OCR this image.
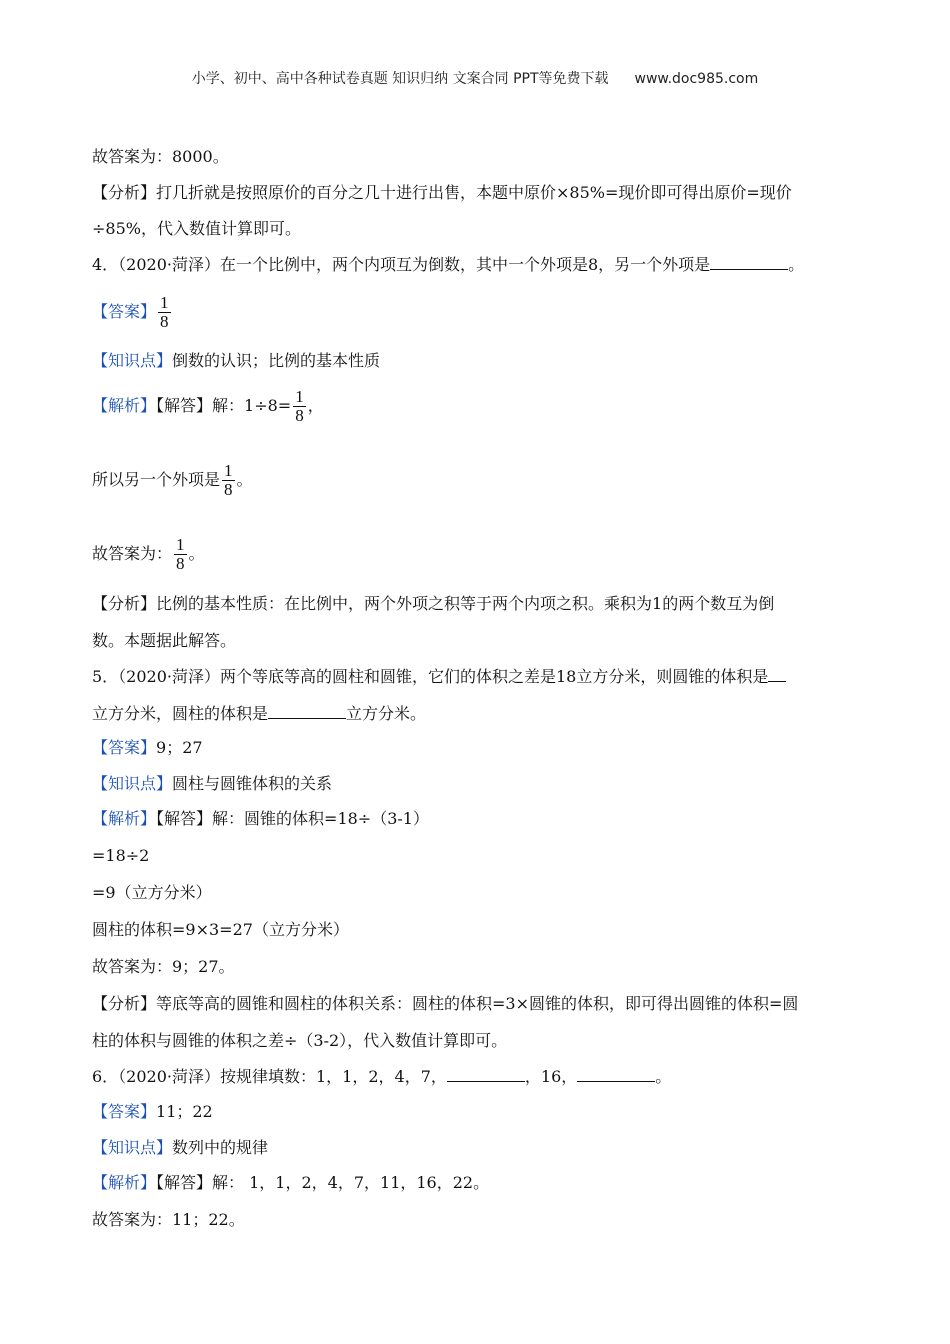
小学、初中、高中各种试卷真题 知识归纳 文案合同 PPT等免费下载 www.doc985.com
故答案为：8000。
【分析】打几折就是按照原价的百分之几十进行出售，本题中原价×85%=现价即可得出原价=现价
÷85%，代入数值计算即可。
4．（2020·菏泽）在一个比例中，两个内项互为倒数，其中一个外项是8，另一个外项是	。
【答案】 $\frac{1}{8}$
【知识点】倒数的认识；比例的基本性质
【解析】【解答】解：$1\div 8= \frac{1}{8}$ ，
所以另一个外项是 $\frac{1}{8}$ 。
故答案为： $\frac{1}{8}$ 。
【分析】比例的基本性质：在比例中，两个外项之积等于两个内项之积。乘积为1的两个数互为倒
数。本题据此解答。
5．（2020·菏泽）两个等底等高的圆柱和圆锥，它们的体积之差是18立方分米，则圆锥的体积是
立方分米，圆柱的体积是	立方分米。
【答案】9；27
【知识点】圆柱与圆锥体积的关系
【解析】【解答】解：圆锥的体积=18÷（3-1）
=18÷2
=9（立方分米）
圆柱的体积=9×3=27（立方分米）
故答案为：9；27。
【分析】等底等高的圆锥和圆柱的体积关系：圆柱的体积=3×圆锥的体积，即可得出圆锥的体积=圆
柱的体积与圆锥的体积之差÷（3-2），代入数值计算即可。
6．（2020·菏泽）按规律填数：1，1，2，4，7，	，16，	。
【答案】11；22
【知识点】数列中的规律
【解析】【解答】解： 1，1，2，4，7，11，16，22。
故答案为：11；22。
